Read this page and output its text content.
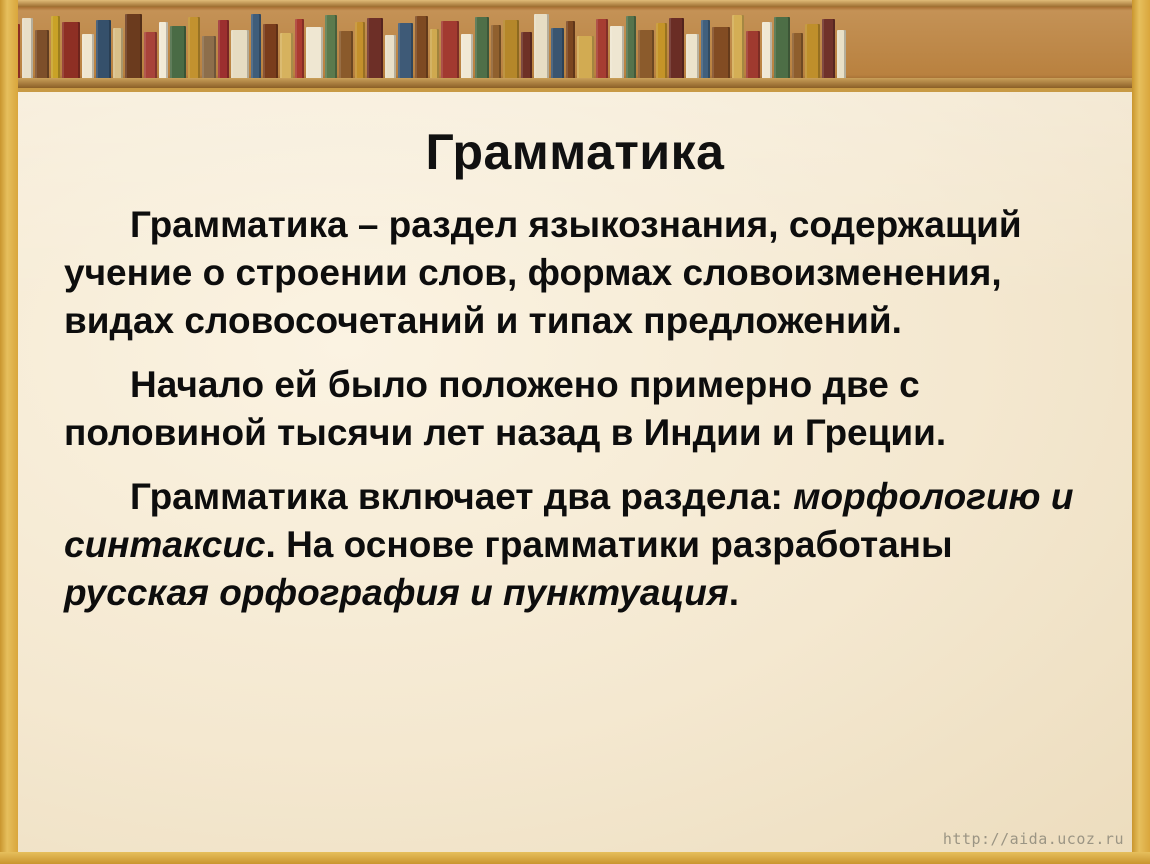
Грамматика

Грамматика – раздел языкознания, содержащий учение о строении слов, формах словоизменения, видах словосочетаний и типах предложений.

Начало ей было положено примерно две с половиной тысячи лет назад в Индии и Греции.

Грамматика включает два раздела: морфологию и синтаксис. На основе грамматики разработаны русская орфография и пунктуация.

http://aida.ucoz.ru
